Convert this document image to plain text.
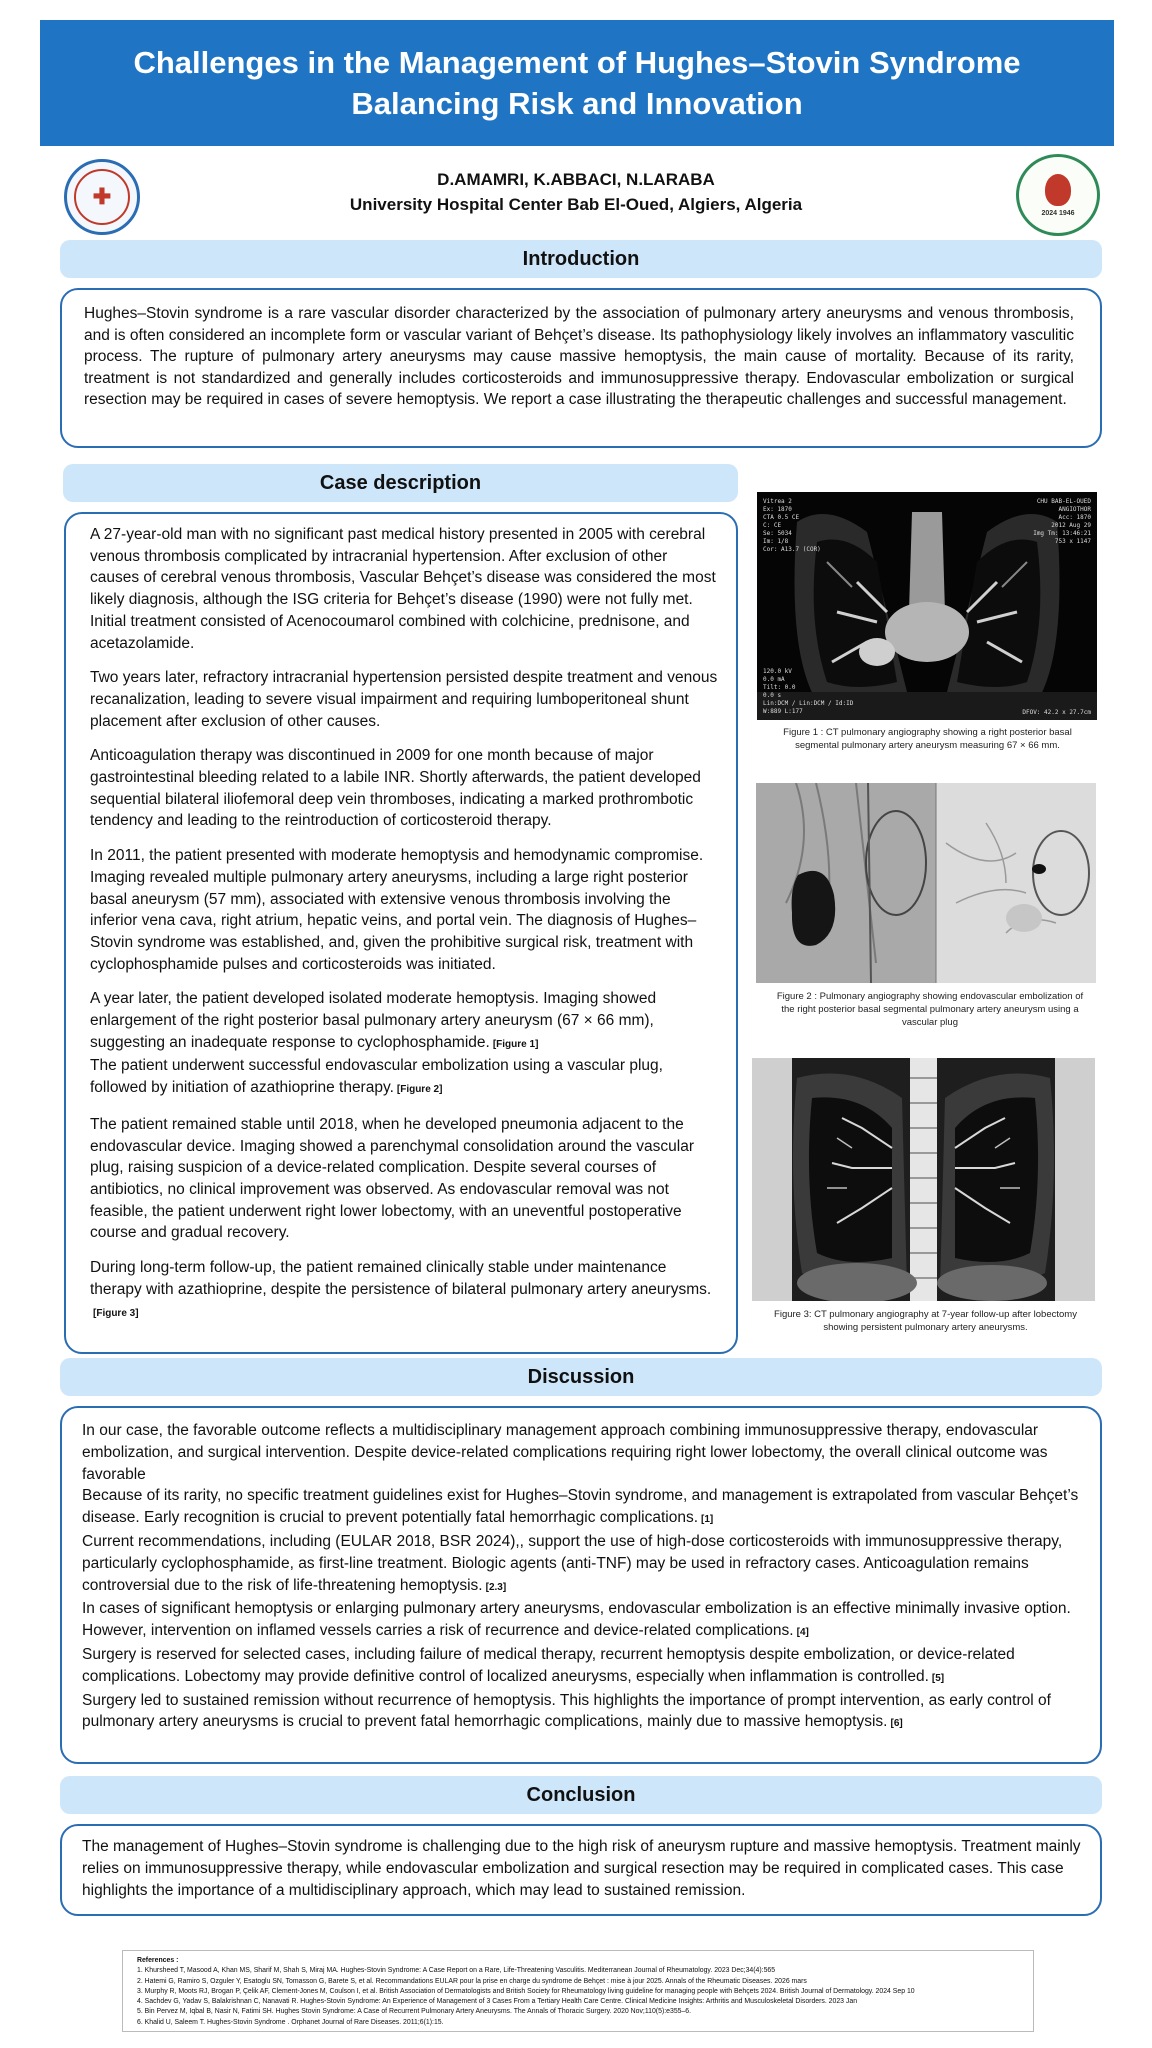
Challenges in the Management of Hughes–Stovin Syndrome
Balancing Risk and Innovation
✚
2024 1946
D.AMAMRI, K.ABBACI, N.LARABA
University Hospital Center Bab El-Oued, Algiers, Algeria
Introduction
Hughes–Stovin syndrome is a rare vascular disorder characterized by the association of pulmonary artery aneurysms and venous thrombosis, and is often considered an incomplete form or vascular variant of Behçet’s disease. Its pathophysiology likely involves an inflammatory vasculitic process. The rupture of pulmonary artery aneurysms may cause massive hemoptysis, the main cause of mortality. Because of its rarity, treatment is not standardized and generally includes corticosteroids and immunosuppressive therapy. Endovascular embolization or surgical resection may be required in cases of severe hemoptysis. We report a case illustrating the therapeutic challenges and successful management.
Case description

A 27-year-old man with no significant past medical history presented in 2005 with cerebral venous thrombosis complicated by intracranial hypertension. After exclusion of other causes of cerebral venous thrombosis, Vascular Behçet’s disease was considered the most likely diagnosis, although the ISG criteria for Behçet’s disease (1990) were not fully met. Initial treatment consisted of Acenocoumarol combined with colchicine, prednisone, and acetazolamide.

Two years later, refractory intracranial hypertension persisted despite treatment and venous recanalization, leading to severe visual impairment and requiring lumboperitoneal shunt placement after exclusion of other causes.

Anticoagulation therapy was discontinued in 2009 for one month because of major gastrointestinal bleeding related to a labile INR. Shortly afterwards, the patient developed sequential bilateral iliofemoral deep vein thromboses, indicating a marked prothrombotic tendency and leading to the reintroduction of corticosteroid therapy.

In 2011, the patient presented with moderate hemoptysis and hemodynamic compromise. Imaging revealed multiple pulmonary artery aneurysms, including a large right posterior basal aneurysm (57 mm), associated with extensive venous thrombosis involving the inferior vena cava, right atrium, hepatic veins, and portal vein. The diagnosis of Hughes–Stovin syndrome was established, and, given the prohibitive surgical risk, treatment with cyclophosphamide pulses and corticosteroids was initiated.

A year later, the patient developed isolated moderate hemoptysis. Imaging showed enlargement of the right posterior basal pulmonary artery aneurysm (67 × 66 mm), suggesting an inadequate response to cyclophosphamide. [Figure 1]

The patient underwent successful endovascular embolization using a vascular plug, followed by initiation of azathioprine therapy. [Figure 2]

The patient remained stable until 2018, when he developed pneumonia adjacent to the endovascular device. Imaging showed a parenchymal consolidation around the vascular plug, raising suspicion of a device-related complication. Despite several courses of antibiotics, no clinical improvement was observed. As endovascular removal was not feasible, the patient underwent right lower lobectomy, with an uneventful postoperative course and gradual recovery.

During long-term follow-up, the patient remained clinically stable under maintenance therapy with azathioprine, despite the persistence of bilateral pulmonary artery aneurysms.[Figure 3]

Vitrea 2
Ex: 1870
CTA 0.5 CE
C: CE
Se: 5034
Im: 1/8
Cor: A13.7 (COR)
CHU BAB-EL-OUED
ANGIOTHOR
Acc: 1870
2012 Aug 29
Img Tm: 13:46:21
753 x 1147
120.0 kV
0.0 mA
Tilt: 0.0
0.0 s
Lin:DCM / Lin:DCM / Id:ID
W:889 L:177	DFOV: 42.2 x 27.7cm
Figure 1 : CT pulmonary angiography showing a right posterior basal segmental pulmonary artery aneurysm measuring 67 × 66 mm.
Figure 2 : Pulmonary angiography showing endovascular embolization of the right posterior basal segmental pulmonary artery aneurysm using a vascular plug
Figure 3: CT pulmonary angiography at 7-year follow-up after lobectomy showing persistent pulmonary artery aneurysms.
Discussion
In our case, the favorable outcome reflects a multidisciplinary management approach combining immunosuppressive therapy, endovascular embolization, and surgical intervention. Despite device-related complications requiring right lower lobectomy, the overall clinical outcome was favorable
Because of its rarity, no specific treatment guidelines exist for Hughes–Stovin syndrome, and management is extrapolated from vascular Behçet’s disease. Early recognition is crucial to prevent potentially fatal hemorrhagic complications. [1]
Current recommendations, including (EULAR 2018, BSR 2024),, support the use of high-dose corticosteroids with immunosuppressive therapy, particularly cyclophosphamide, as first-line treatment. Biologic agents (anti-TNF) may be used in refractory cases. Anticoagulation remains controversial due to the risk of life-threatening hemoptysis. [2.3]
In cases of significant hemoptysis or enlarging pulmonary artery aneurysms, endovascular embolization is an effective minimally invasive option. However, intervention on inflamed vessels carries a risk of recurrence and device-related complications. [4]
Surgery is reserved for selected cases, including failure of medical therapy, recurrent hemoptysis despite embolization, or device-related complications. Lobectomy may provide definitive control of localized aneurysms, especially when inflammation is controlled. [5]
Surgery led to sustained remission without recurrence of hemoptysis. This highlights the importance of prompt intervention, as early control of pulmonary artery aneurysms is crucial to prevent fatal hemorrhagic complications, mainly due to massive hemoptysis. [6]
Conclusion
The management of Hughes–Stovin syndrome is challenging due to the high risk of aneurysm rupture and massive hemoptysis. Treatment mainly relies on immunosuppressive therapy, while endovascular embolization and surgical resection may be required in complicated cases. This case highlights the importance of a multidisciplinary approach, which may lead to sustained remission.
References :
1. Khursheed T, Masood A, Khan MS, Sharif M, Shah S, Miraj MA. Hughes-Stovin Syndrome: A Case Report on a Rare, Life-Threatening Vasculitis. Mediterranean Journal of Rheumatology. 2023 Dec;34(4):565
2. Hatemi G, Ramiro S, Ozguler Y, Esatoglu SN, Tomasson G, Barete S, et al. Recommandations EULAR pour la prise en charge du syndrome de Behçet : mise à jour 2025. Annals of the Rheumatic Diseases. 2026 mars
3. Murphy R, Moots RJ, Brogan P, Çelik AF, Clement-Jones M, Coulson I, et al. British Association of Dermatologists and British Society for Rheumatology living guideline for managing people with Behçets 2024. British Journal of Dermatology. 2024 Sep 10
4. Sachdev G, Yadav S, Balakrishnan C, Nanavati R. Hughes-Stovin Syndrome: An Experience of Management of 3 Cases From a Tertiary Health Care Centre. Clinical Medicine Insights: Arthritis and Musculoskeletal Disorders. 2023 Jan
5. Bin Pervez M, Iqbal B, Nasir N, Fatimi SH. Hughes Stovin Syndrome: A Case of Recurrent Pulmonary Artery Aneurysms. The Annals of Thoracic Surgery. 2020 Nov;110(5):e355–6.
6. Khalid U, Saleem T. Hughes-Stovin Syndrome . Orphanet Journal of Rare Diseases. 2011;6(1):15.
